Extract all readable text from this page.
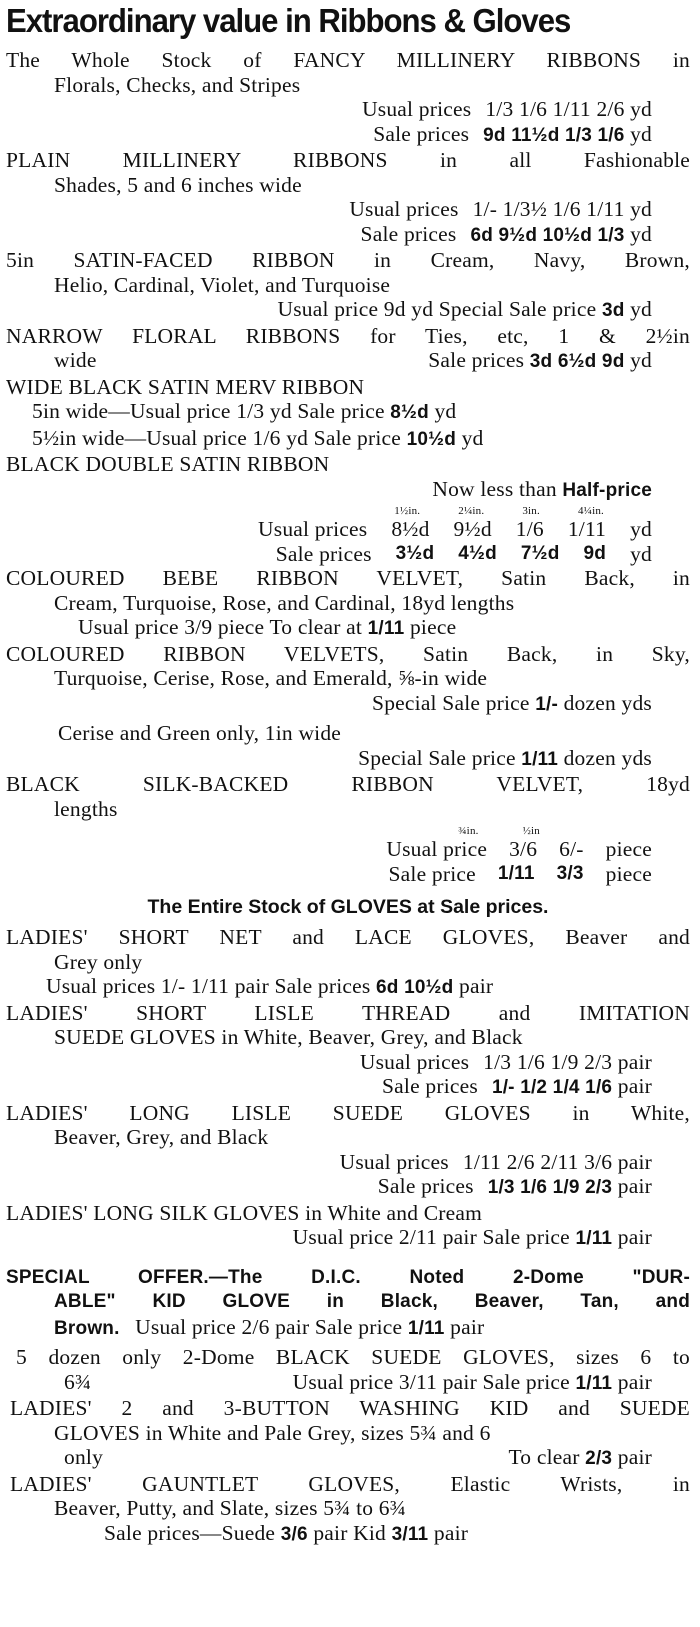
Extraordinary value in Ribbons & Gloves

The Whole Stock of FANCY MILLINERY RIBBONS in

Florals, Checks, and Stripes

Usual prices 1/3 1/6 1/11 2/6 yd

Sale prices 9d 11½d 1/3 1/6 yd

PLAIN MILLINERY RIBBONS in all Fashionable

Shades, 5 and 6 inches wide

Usual prices 1/- 1/3½ 1/6 1/11 yd

Sale prices 6d 9½d 10½d 1/3 yd

5in SATIN-FACED RIBBON in Cream, Navy, Brown,

Helio, Cardinal, Violet, and Turquoise

Usual price 9d yd Special Sale price 3d yd

NARROW FLORAL RIBBONS for Ties, etc, 1 & 2½in

wide	Sale prices 3d 6½d 9d yd

WIDE BLACK SATIN MERV RIBBON

5in wide—Usual price 1/3 yd Sale price 8½d yd

5½in wide—Usual price 1/6 yd Sale price 10½d yd

BLACK DOUBLE SATIN RIBBON

Now less than Half-price

1½in.	2¼in.	3in.	4¼in.

Usual prices 8½d 9½d 1/6 1/11 yd

Sale prices 3½d 4½d 7½d 9d yd

COLOURED BEBE RIBBON VELVET, Satin Back, in

Cream, Turquoise, Rose, and Cardinal, 18yd lengths

Usual price 3/9 piece To clear at 1/11 piece

COLOURED RIBBON VELVETS, Satin Back, in Sky,

Turquoise, Cerise, Rose, and Emerald, ⅝-in wide

Special Sale price 1/- dozen yds

Cerise and Green only, 1in wide

Special Sale price 1/11 dozen yds

BLACK SILK-BACKED RIBBON VELVET, 18yd

lengths

¾in.	½in

Usual price 3/6 6/- piece

Sale price 1/11 3/3 piece

The Entire Stock of GLOVES at Sale prices.

LADIES' SHORT NET and LACE GLOVES, Beaver and

Grey only

Usual prices 1/- 1/11 pair Sale prices 6d 10½d pair

LADIES' SHORT LISLE THREAD and IMITATION

SUEDE GLOVES in White, Beaver, Grey, and Black

Usual prices 1/3 1/6 1/9 2/3 pair

Sale prices 1/- 1/2 1/4 1/6 pair

LADIES' LONG LISLE SUEDE GLOVES in White,

Beaver, Grey, and Black

Usual prices 1/11 2/6 2/11 3/6 pair

Sale prices 1/3 1/6 1/9 2/3 pair

LADIES' LONG SILK GLOVES in White and Cream

Usual price 2/11 pair Sale price 1/11 pair

SPECIAL OFFER.—The D.I.C. Noted 2-Dome "DUR-

ABLE" KID GLOVE in Black, Beaver, Tan, and

Brown. Usual price 2/6 pair Sale price 1/11 pair

5 dozen only 2-Dome BLACK SUEDE GLOVES, sizes 6 to

6¾	Usual price 3/11 pair Sale price 1/11 pair

LADIES' 2 and 3-BUTTON WASHING KID and SUEDE

GLOVES in White and Pale Grey, sizes 5¾ and 6

only	To clear 2/3 pair

LADIES' GAUNTLET GLOVES, Elastic Wrists, in

Beaver, Putty, and Slate, sizes 5¾ to 6¾

Sale prices—Suede 3/6 pair Kid 3/11 pair
